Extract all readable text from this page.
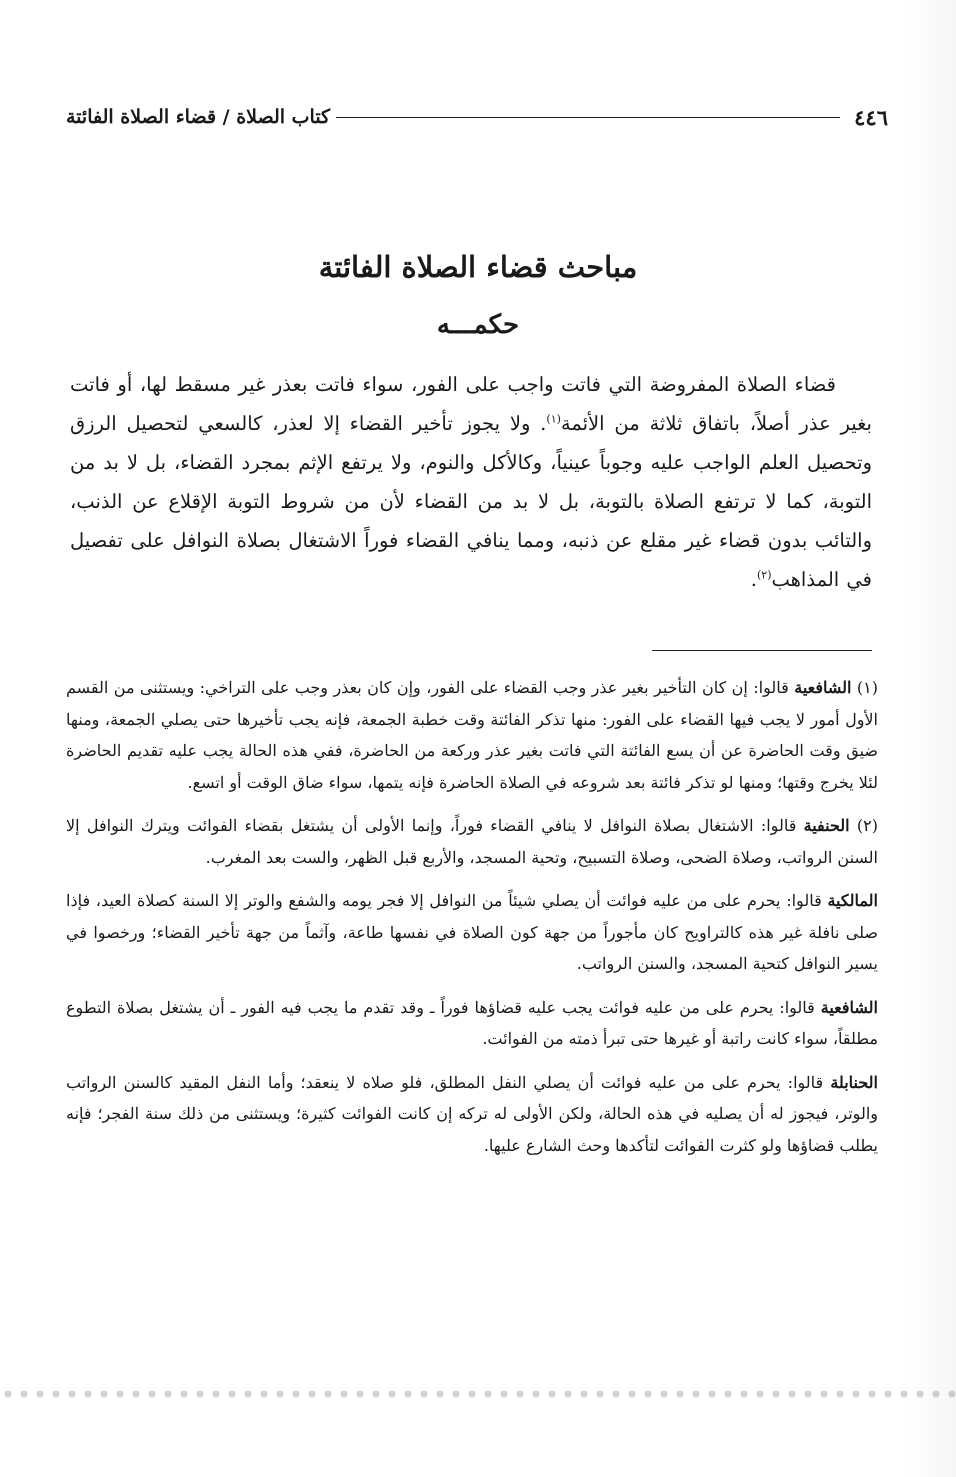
٤٤٦
كتاب الصلاة / قضاء الصلاة الفائتة
مباحث قضاء الصلاة الفائتة
حكمـــه
قضاء الصلاة المفروضة التي فاتت واجب على الفور، سواء فاتت بعذر غير مسقط لها، أو فاتت بغير عذر أصلاً، باتفاق ثلاثة من الأئمة$^{(١)}$. ولا يجوز تأخير القضاء إلا لعذر، كالسعي لتحصيل الرزق وتحصيل العلم الواجب عليه وجوباً عينياً، وكالأكل والنوم، ولا يرتفع الإثم بمجرد القضاء، بل لا بد من التوبة، كما لا ترتفع الصلاة بالتوبة، بل لا بد من القضاء لأن من شروط التوبة الإقلاع عن الذنب، والتائب بدون قضاء غير مقلع عن ذنبه، ومما ينافي القضاء فوراً الاشتغال بصلاة النوافل على تفصيل في المذاهب$^{(٢)}$.

(١) الشافعية قالوا: إن كان التأخير بغير عذر وجب القضاء على الفور، وإن كان بعذر وجب على التراخي: ويستثنى من القسم الأول أمور لا يجب فيها القضاء على الفور: منها تذكر الفائتة وقت خطبة الجمعة، فإنه يجب تأخيرها حتى يصلي الجمعة، ومنها ضيق وقت الحاضرة عن أن يسع الفائتة التي فاتت بغير عذر وركعة من الحاضرة، ففي هذه الحالة يجب عليه تقديم الحاضرة لئلا يخرج وقتها؛ ومنها لو تذكر فائتة بعد شروعه في الصلاة الحاضرة فإنه يتمها، سواء ضاق الوقت أو اتسع.

(٢) الحنفية قالوا: الاشتغال بصلاة النوافل لا ينافي القضاء فوراً، وإنما الأولى أن يشتغل بقضاء الفوائت ويترك النوافل إلا السنن الرواتب، وصلاة الضحى، وصلاة التسبيح، وتحية المسجد، والأربع قبل الظهر، والست بعد المغرب.

المالكية قالوا: يحرم على من عليه فوائت أن يصلي شيئاً من النوافل إلا فجر يومه والشفع والوتر إلا السنة كصلاة العيد، فإذا صلى نافلة غير هذه كالتراويح كان مأجوراً من جهة كون الصلاة في نفسها طاعة، وآثماً من جهة تأخير القضاء؛ ورخصوا في يسير النوافل كتحية المسجد، والسنن الرواتب.

الشافعية قالوا: يحرم على من عليه فوائت يجب عليه قضاؤها فوراً ـ وقد تقدم ما يجب فيه الفور ـ أن يشتغل بصلاة التطوع مطلقاً، سواء كانت راتبة أو غيرها حتى تبرأ ذمته من الفوائت.

الحنابلة قالوا: يحرم على من عليه فوائت أن يصلي النفل المطلق، فلو صلاه لا ينعقد؛ وأما النفل المقيد كالسنن الرواتب والوتر، فيجوز له أن يصليه في هذه الحالة، ولكن الأولى له تركه إن كانت الفوائت كثيرة؛ ويستثنى من ذلك سنة الفجر؛ فإنه يطلب قضاؤها ولو كثرت الفوائت لتأكدها وحث الشارع عليها.
